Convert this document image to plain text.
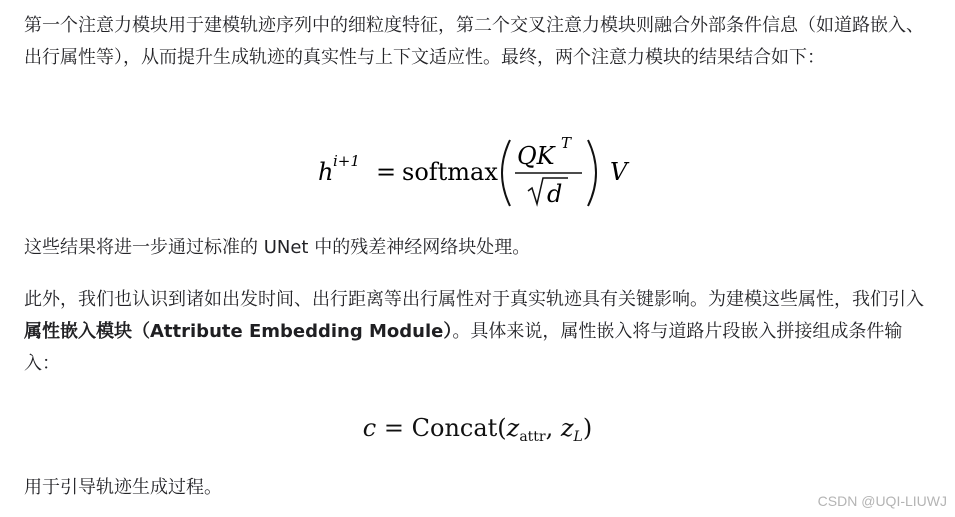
第一个注意力模块用于建模轨迹序列中的细粒度特征，第二个交叉注意力模块则融合外部条件信息（如道路嵌入、出行属性等），从而提升生成轨迹的真实性与上下文适应性。最终，两个注意力模块的结果结合如下：

h i+1 = softmax
QK T
d
V

这些结果将进一步通过标准的 UNet 中的残差神经网络块处理。

此外，我们也认识到诸如出发时间、出行距离等出行属性对于真实轨迹具有关键影响。为建模这些属性，我们引入 属性嵌入模块（Attribute Embedding Module）。具体来说，属性嵌入将与道路片段嵌入拼接组成条件输入：

$c = Concat(z_{attr}$, $z_L$)

用于引导轨迹生成过程。

CSDN @UQI-LIUWJ
